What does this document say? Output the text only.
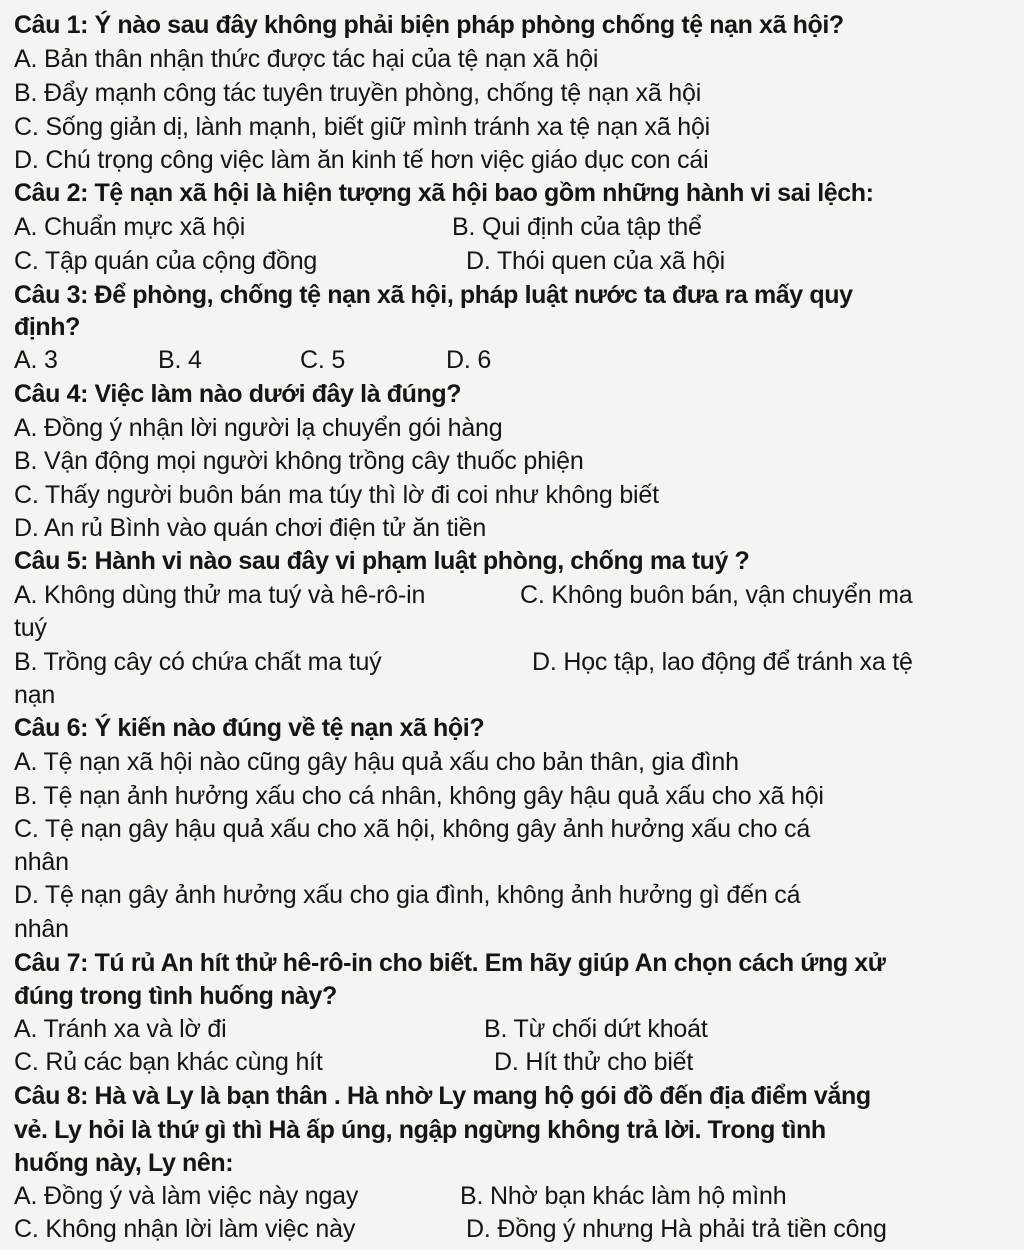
Câu 1: Ý nào sau đây không phải biện pháp phòng chống tệ nạn xã hội?
A. Bản thân nhận thức được tác hại của tệ nạn xã hội
B. Đẩy mạnh công tác tuyên truyền phòng, chống tệ nạn xã hội
C. Sống giản dị, lành mạnh, biết giữ mình tránh xa tệ nạn xã hội
D. Chú trọng công việc làm ăn kinh tế hơn việc giáo dục con cái
Câu 2: Tệ nạn xã hội là hiện tượng xã hội bao gồm những hành vi sai lệch:
A. Chuẩn mực xã hội	B. Qui định của tập thể
C. Tập quán của cộng đồng	D. Thói quen của xã hội
Câu 3: Để phòng, chống tệ nạn xã hội, pháp luật nước ta đưa ra mấy quy
định?
A. 3	B. 4	C. 5	D. 6
Câu 4: Việc làm nào dưới đây là đúng?
A. Đồng ý nhận lời người lạ chuyển gói hàng
B. Vận động mọi người không trồng cây thuốc phiện
C. Thấy người buôn bán ma túy thì lờ đi coi như không biết
D. An rủ Bình vào quán chơi điện tử ăn tiền
Câu 5: Hành vi nào sau đây vi phạm luật phòng, chống ma tuý ?
A. Không dùng thử ma tuý và hê-rô-in	C. Không buôn bán, vận chuyển ma
tuý
B. Trồng cây có chứa chất ma tuý	D. Học tập, lao động để tránh xa tệ
nạn
Câu 6: Ý kiến nào đúng về tệ nạn xã hội?
A. Tệ nạn xã hội nào cũng gây hậu quả xấu cho bản thân, gia đình
B. Tệ nạn ảnh hưởng xấu cho cá nhân, không gây hậu quả xấu cho xã hội
C. Tệ nạn gây hậu quả xấu cho xã hội, không gây ảnh hưởng xấu cho cá
nhân
D. Tệ nạn gây ảnh hưởng xấu cho gia đình, không ảnh hưởng gì đến cá
nhân
Câu 7: Tú rủ An hít thử hê-rô-in cho biết. Em hãy giúp An chọn cách ứng xử
đúng trong tình huống này?
A. Tránh xa và lờ đi	B. Từ chối dứt khoát
C. Rủ các bạn khác cùng hít	D. Hít thử cho biết
Câu 8: Hà và Ly là bạn thân . Hà nhờ Ly mang hộ gói đồ đến địa điểm vắng
vẻ. Ly hỏi là thứ gì thì Hà ấp úng, ngập ngừng không trả lời. Trong tình
huống này, Ly nên:
A. Đồng ý và làm việc này ngay	B. Nhờ bạn khác làm hộ mình
C. Không nhận lời làm việc này	D. Đồng ý nhưng Hà phải trả tiền công
